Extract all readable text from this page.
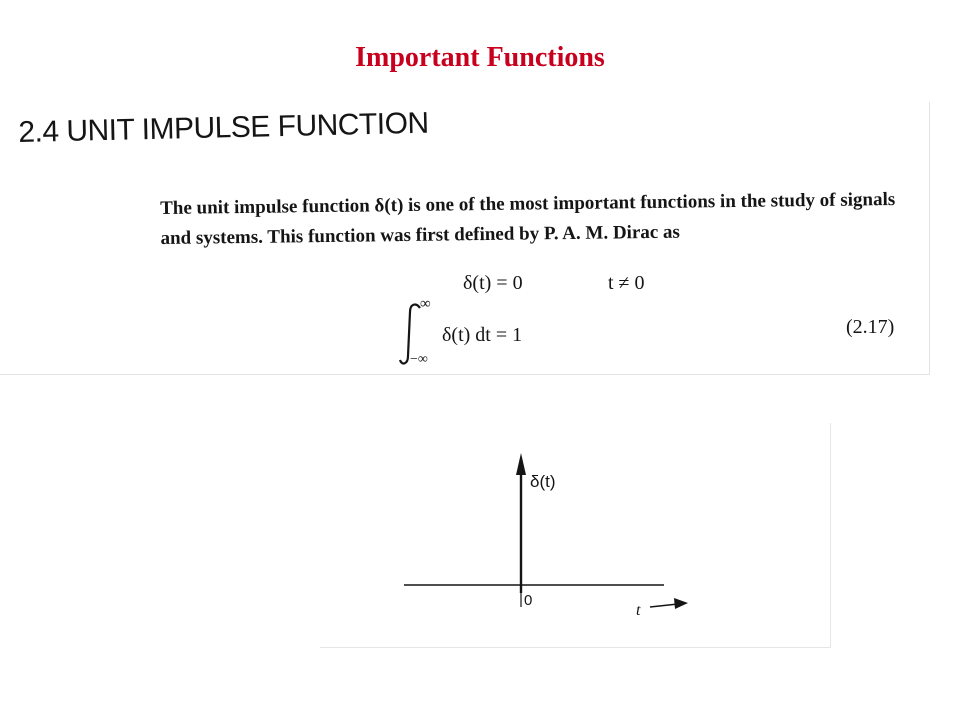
Important Functions
2.4 UNIT IMPULSE FUNCTION
The unit impulse function δ(t) is one of the most important functions in the study of signals
and systems. This function was first defined by P. A. M. Dirac as
δ(t) = 0	t ≠ 0
∞
−∞
δ(t) dt = 1	(2.17)
δ(t)
0
t
